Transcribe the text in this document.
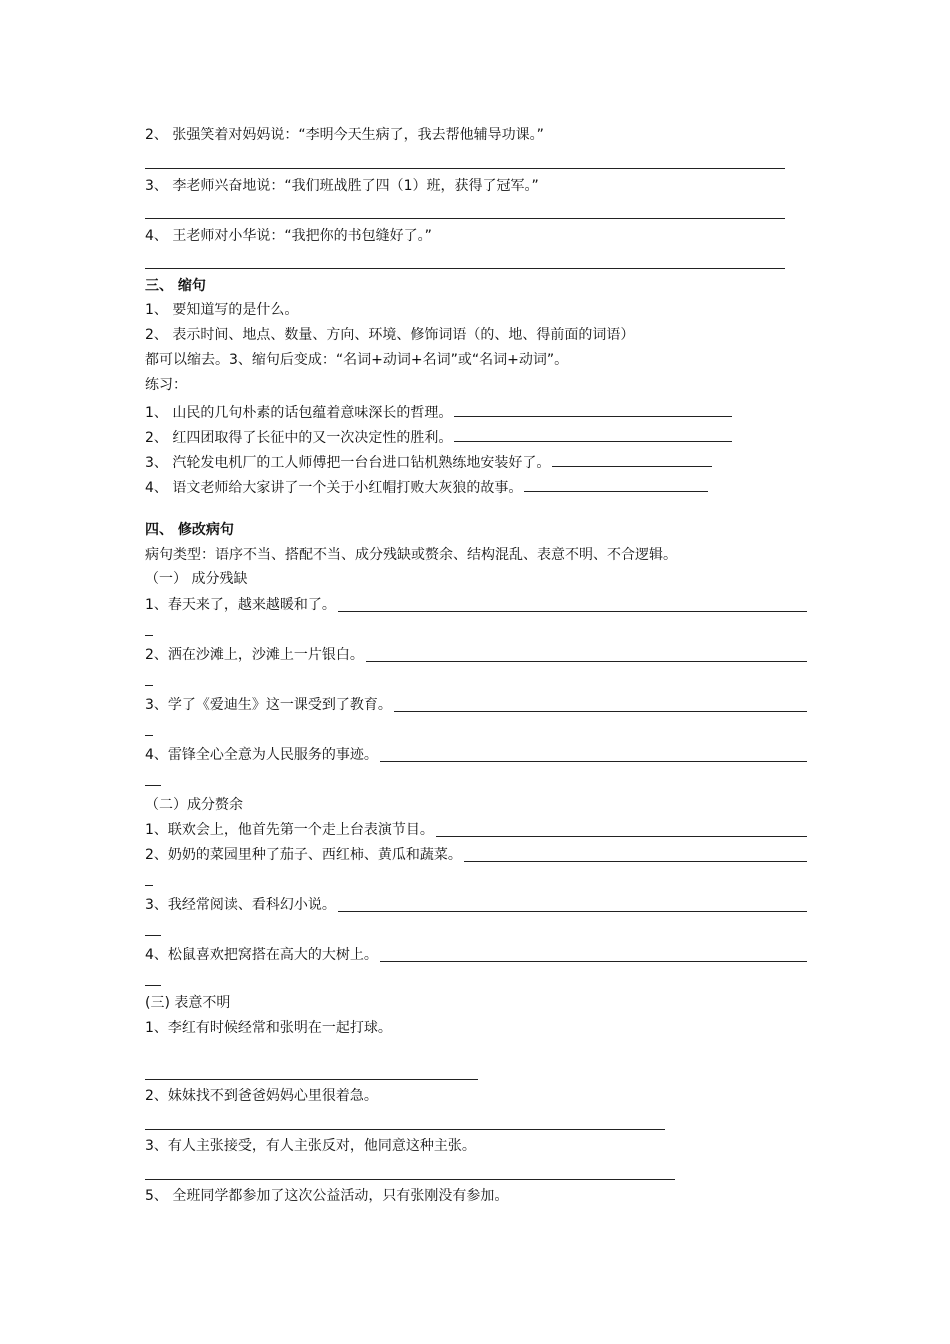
2、 张强笑着对妈妈说：“李明今天生病了，我去帮他辅导功课。”
3、 李老师兴奋地说：“我们班战胜了四（1）班，获得了冠军。”
4、 王老师对小华说：“我把你的书包缝好了。”
三、 缩句
1、 要知道写的是什么。
2、 表示时间、地点、数量、方向、环境、修饰词语（的、地、得前面的词语）
都可以缩去。3、缩句后变成：“名词+动词+名词”或“名词+动词”。
练习：
1、 山民的几句朴素的话包蕴着意味深长的哲理。
2、 红四团取得了长征中的又一次决定性的胜利。
3、 汽轮发电机厂的工人师傅把一台台进口钻机熟练地安装好了。
4、 语文老师给大家讲了一个关于小红帽打败大灰狼的故事。
四、 修改病句
病句类型：语序不当、搭配不当、成分残缺或赘余、结构混乱、表意不明、不合逻辑。
（一） 成分残缺
1、春天来了，越来越暖和了。
2、洒在沙滩上，沙滩上一片银白。
3、学了《爱迪生》这一课受到了教育。
4、雷锋全心全意为人民服务的事迹。
（二）成分赘余
1、联欢会上，他首先第一个走上台表演节目。
2、奶奶的菜园里种了茄子、西红柿、黄瓜和蔬菜。
3、我经常阅读、看科幻小说。
4、松鼠喜欢把窝搭在高大的大树上。
(三) 表意不明
1、李红有时候经常和张明在一起打球。
2、妹妹找不到爸爸妈妈心里很着急。
3、有人主张接受，有人主张反对，他同意这种主张。
5、 全班同学都参加了这次公益活动，只有张刚没有参加。
